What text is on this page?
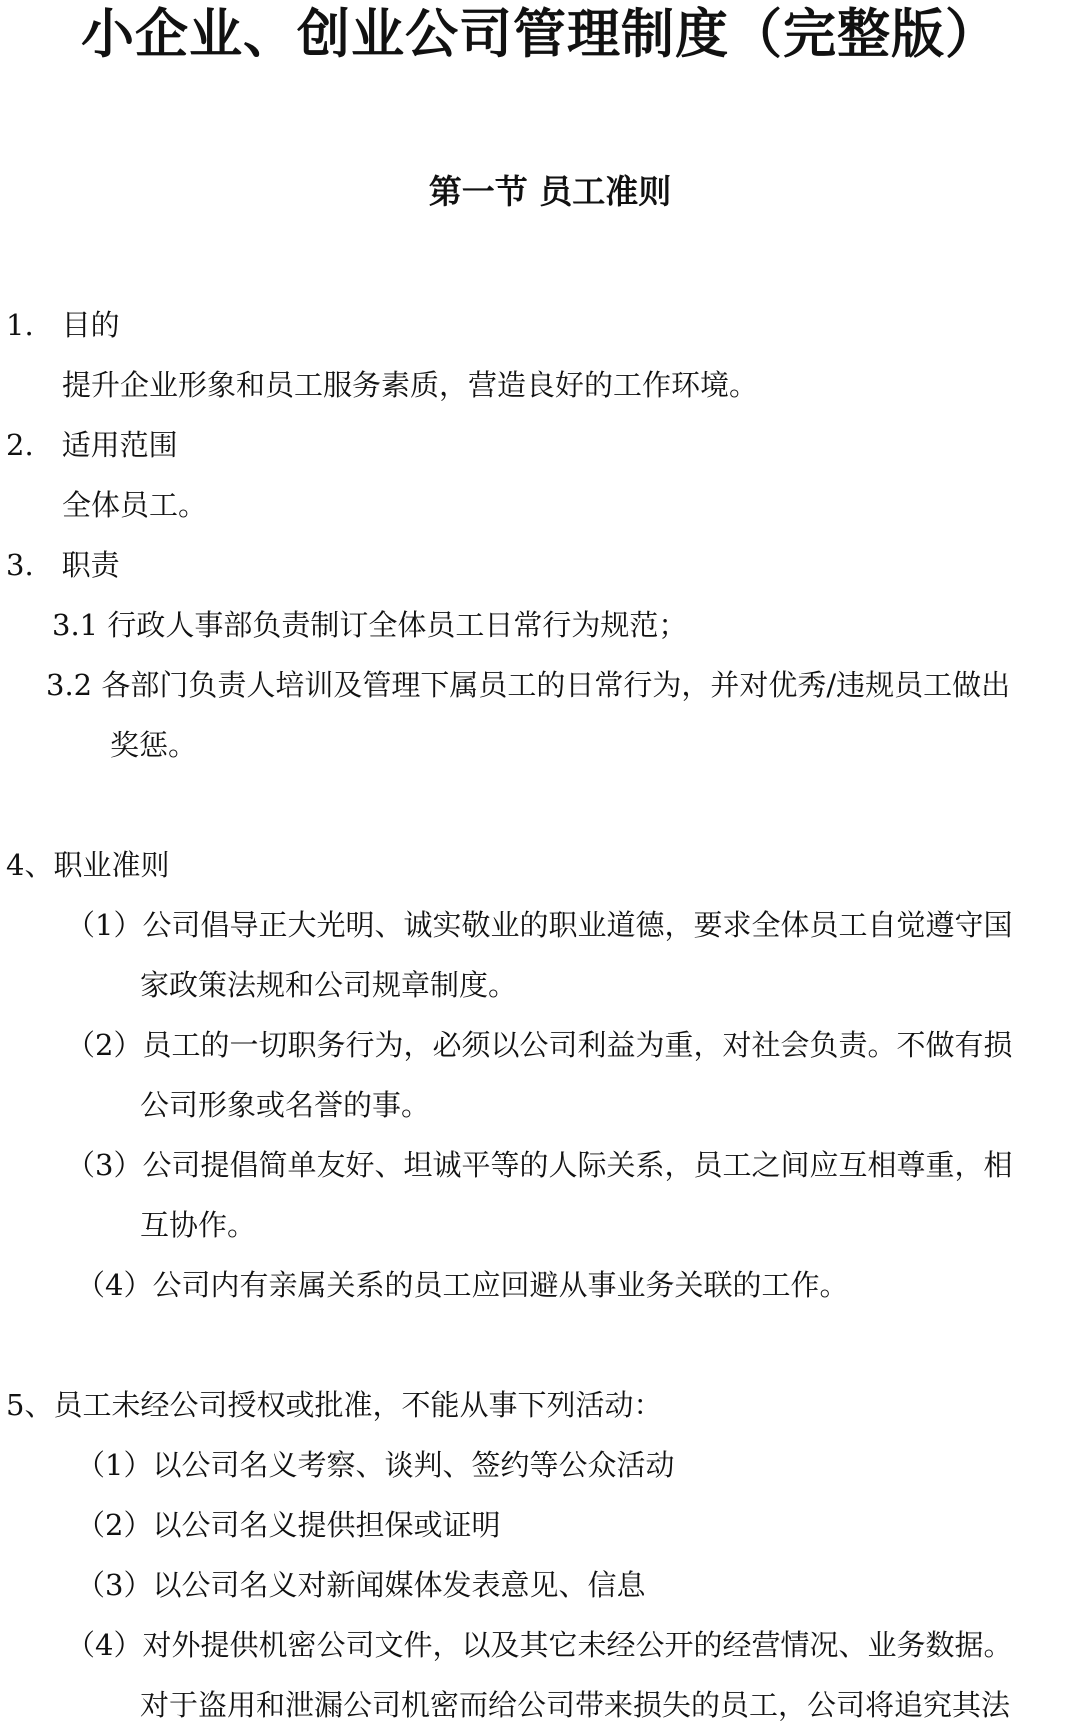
小企业、创业公司管理制度（完整版）
第一节 员工准则
1. 目的
提升企业形象和员工服务素质，营造良好的工作环境。
2. 适用范围
全体员工。
3. 职责
3.1 行政人事部负责制订全体员工日常行为规范；
3.2 各部门负责人培训及管理下属员工的日常行为，并对优秀/违规员工做出
奖惩。
4、职业准则
（1）公司倡导正大光明、诚实敬业的职业道德，要求全体员工自觉遵守国
家政策法规和公司规章制度。
（2）员工的一切职务行为，必须以公司利益为重，对社会负责。不做有损
公司形象或名誉的事。
（3）公司提倡简单友好、坦诚平等的人际关系，员工之间应互相尊重，相
互协作。
（4）公司内有亲属关系的员工应回避从事业务关联的工作。
5、员工未经公司授权或批准，不能从事下列活动：
（1）以公司名义考察、谈判、签约等公众活动
（2）以公司名义提供担保或证明
（3）以公司名义对新闻媒体发表意见、信息
（4）对外提供机密公司文件，以及其它未经公开的经营情况、业务数据。
对于盗用和泄漏公司机密而给公司带来损失的员工，公司将追究其法
